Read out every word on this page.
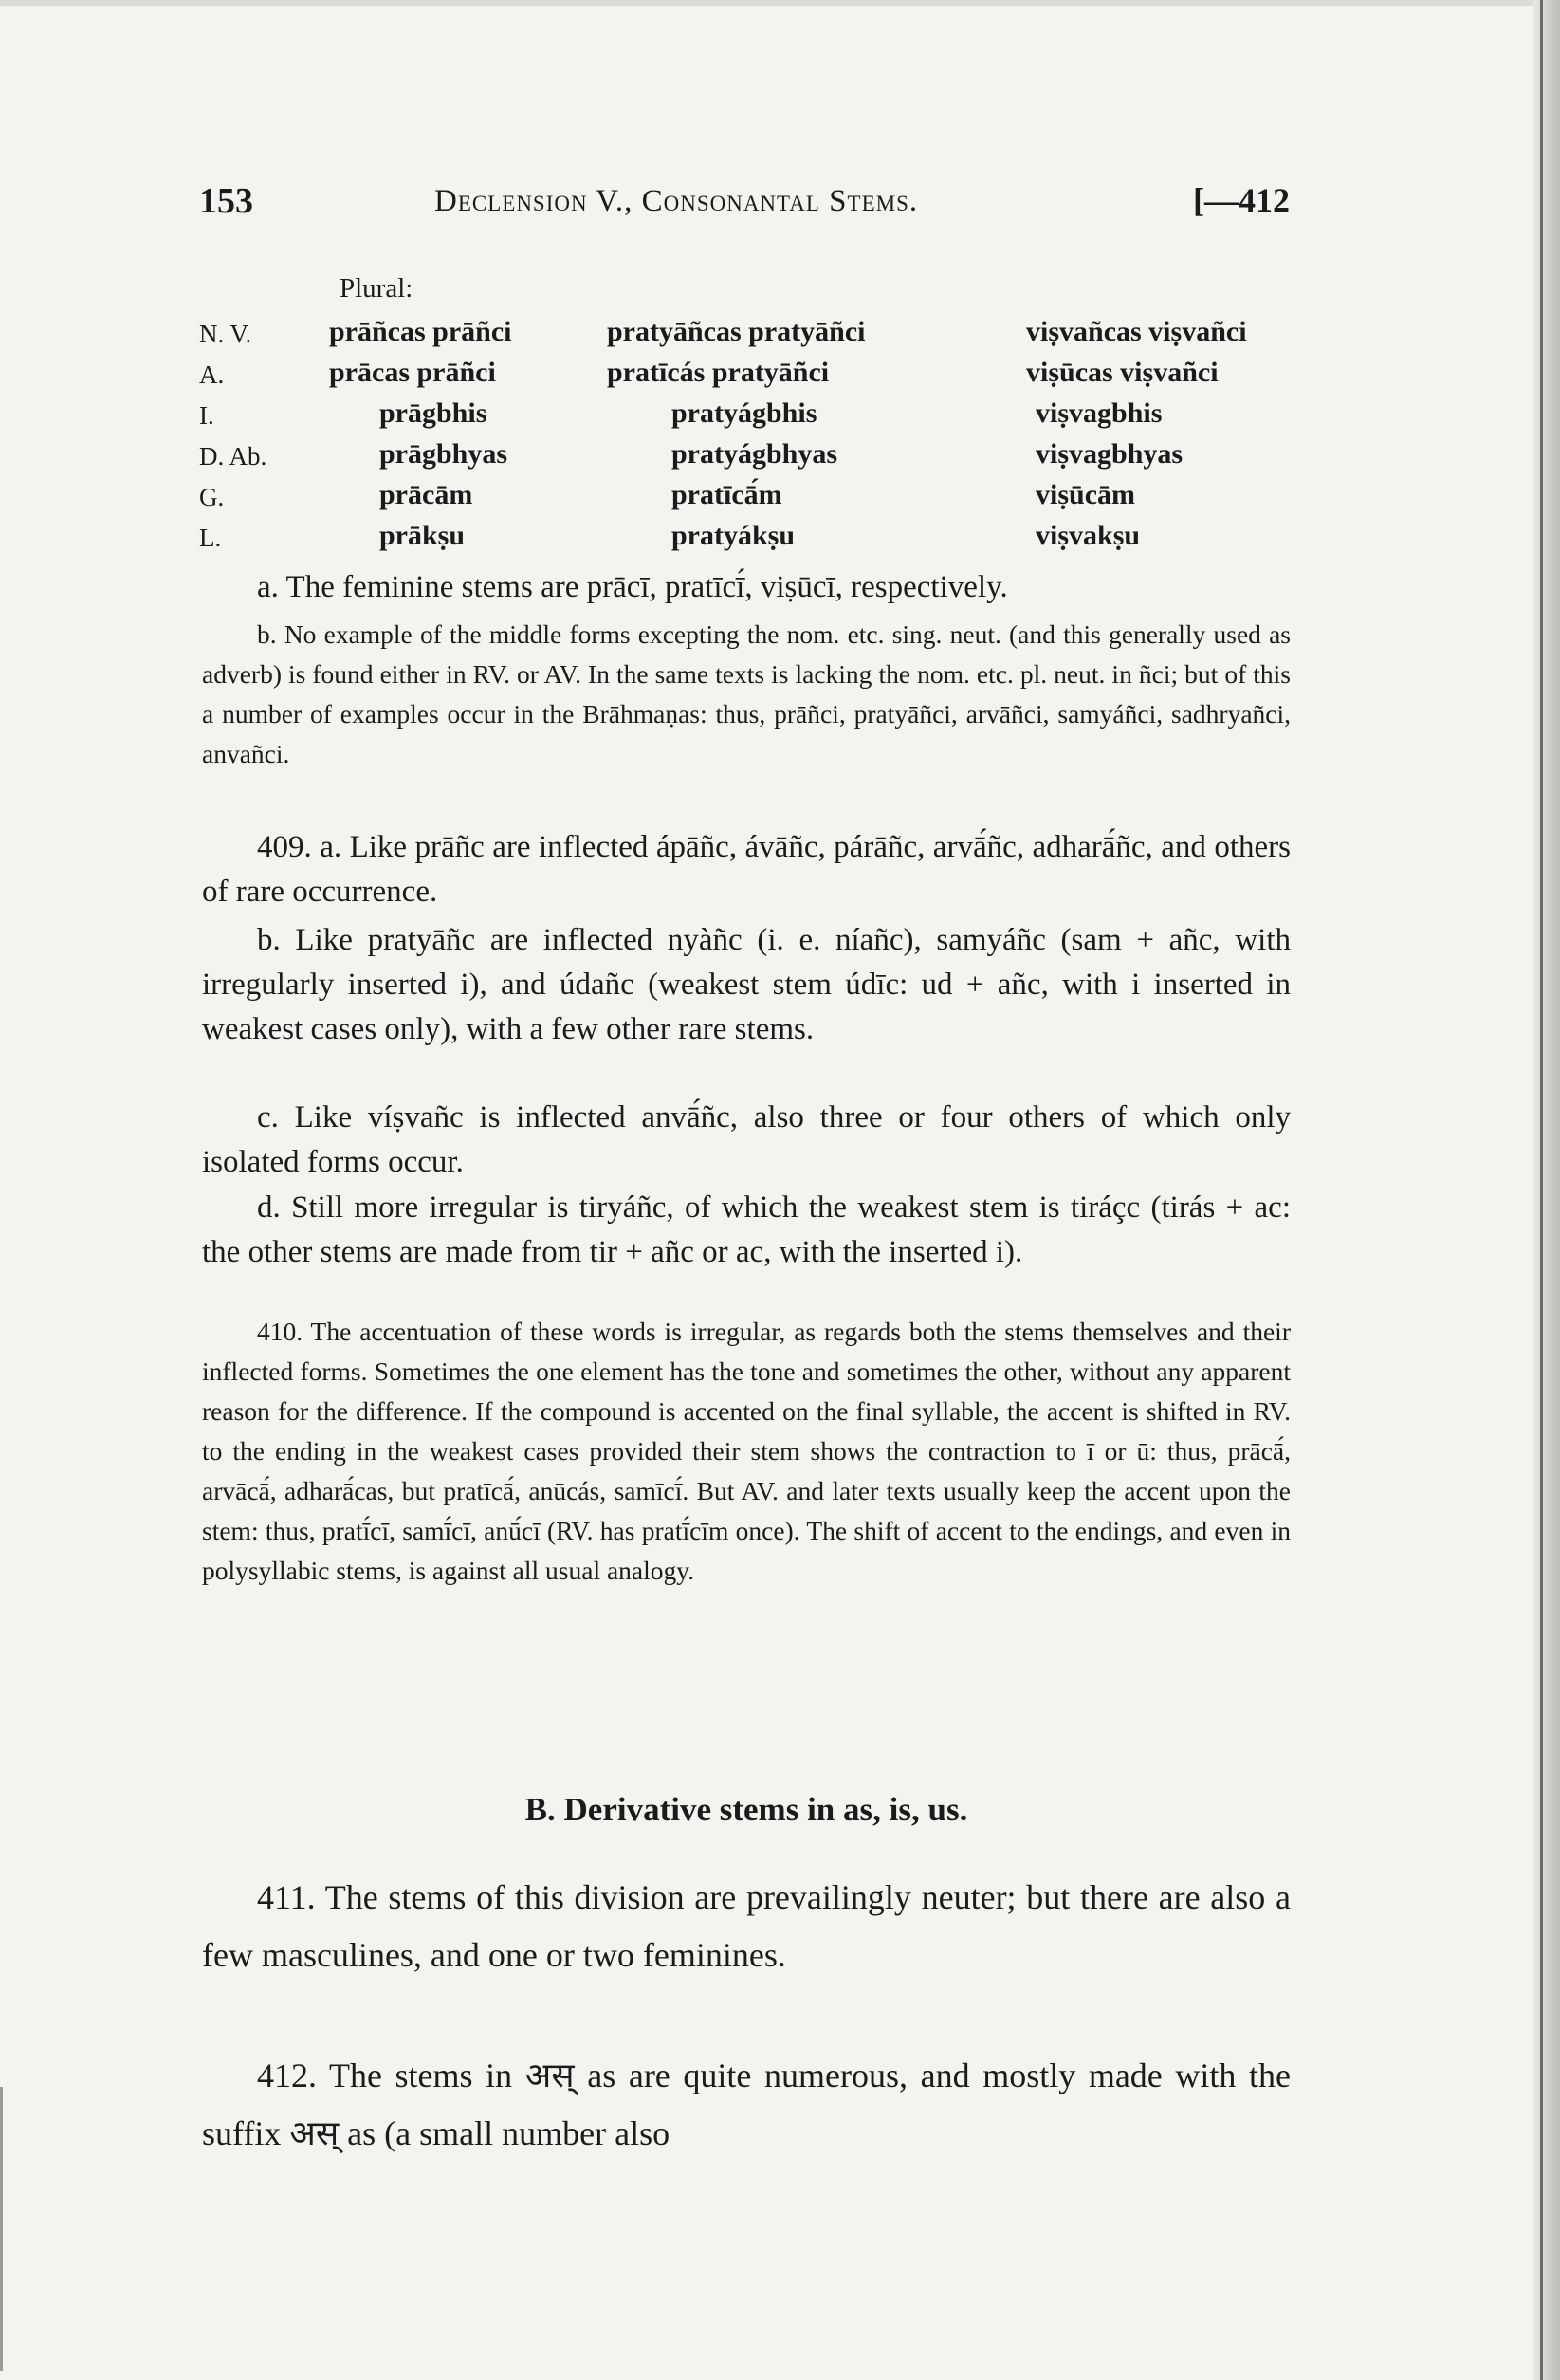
153	Declension V., Consonantal Stems.	[—412
Plural:
N. V.	prāñcas prāñci	pratyāñcas pratyāñci	viṣvañcas viṣvañci
A.	prācas prāñci	pratīcás pratyāñci	viṣūcas viṣvañci
I.	prāgbhis	pratyágbhis	viṣvagbhis
D. Ab.	prāgbhyas	pratyágbhyas	viṣvagbhyas
G.	prācām	pratīcā́m	viṣūcām
L.	prākṣu	pratyákṣu	viṣvakṣu
a. The feminine stems are prācī, pratīcī́, viṣūcī, respectively.
b. No example of the middle forms excepting the nom. etc. sing. neut. (and this generally used as adverb) is found either in RV. or AV. In the same texts is lacking the nom. etc. pl. neut. in ñci; but of this a number of examples occur in the Brāhmaṇas: thus, prāñci, pratyāñci, arvāñci, samyáñci, sadhryañci, anvañci.
409. a. Like prāñc are inflected ápāñc, ávāñc, párāñc, arvā́ñc, adharā́ñc, and others of rare occurrence.
b. Like pratyāñc are inflected nyàñc (i. e. níañc), samyáñc (sam + añc, with irregularly inserted i), and údañc (weakest stem údīc: ud + añc, with i inserted in weakest cases only), with a few other rare stems.
c. Like víṣvañc is inflected anvā́ñc, also three or four others of which only isolated forms occur.
d. Still more irregular is tiryáñc, of which the weakest stem is tiráçc (tirás + ac: the other stems are made from tir + añc or ac, with the inserted i).
410. The accentuation of these words is irregular, as regards both the stems themselves and their inflected forms. Sometimes the one element has the tone and sometimes the other, without any apparent reason for the difference. If the compound is accented on the final syllable, the accent is shifted in RV. to the ending in the weakest cases provided their stem shows the contraction to ī or ū: thus, prācā́, arvācā́, adharā́cas, but pratīcā́, anūcás, samīcī́. But AV. and later texts usually keep the accent upon the stem: thus, pratī́cī, samī́cī, anū́cī (RV. has pratī́cīm once). The shift of accent to the endings, and even in polysyllabic stems, is against all usual analogy.
B. Derivative stems in as, is, us.
411. The stems of this division are prevailingly neuter; but there are also a few masculines, and one or two feminines.
412. The stems in अस् as are quite numerous, and mostly made with the suffix अस् as (a small number also
